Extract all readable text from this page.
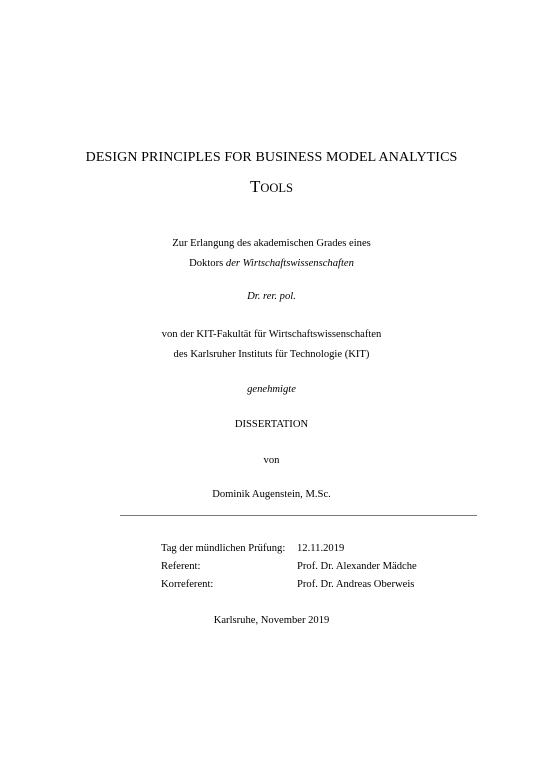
DESIGN PRINCIPLES FOR BUSINESS MODEL ANALYTICS
TOOLS
Zur Erlangung des akademischen Grades eines
Doktors der Wirtschaftswissenschaften
Dr. rer. pol.
von der KIT-Fakultät für Wirtschaftswissenschaften
des Karlsruher Instituts für Technologie (KIT)
genehmigte
DISSERTATION
von
Dominik Augenstein, M.Sc.
Tag der mündlichen Prüfung:	12.11.2019
Referent:	Prof. Dr. Alexander Mädche
Korreferent:	Prof. Dr. Andreas Oberweis
Karlsruhe, November 2019
